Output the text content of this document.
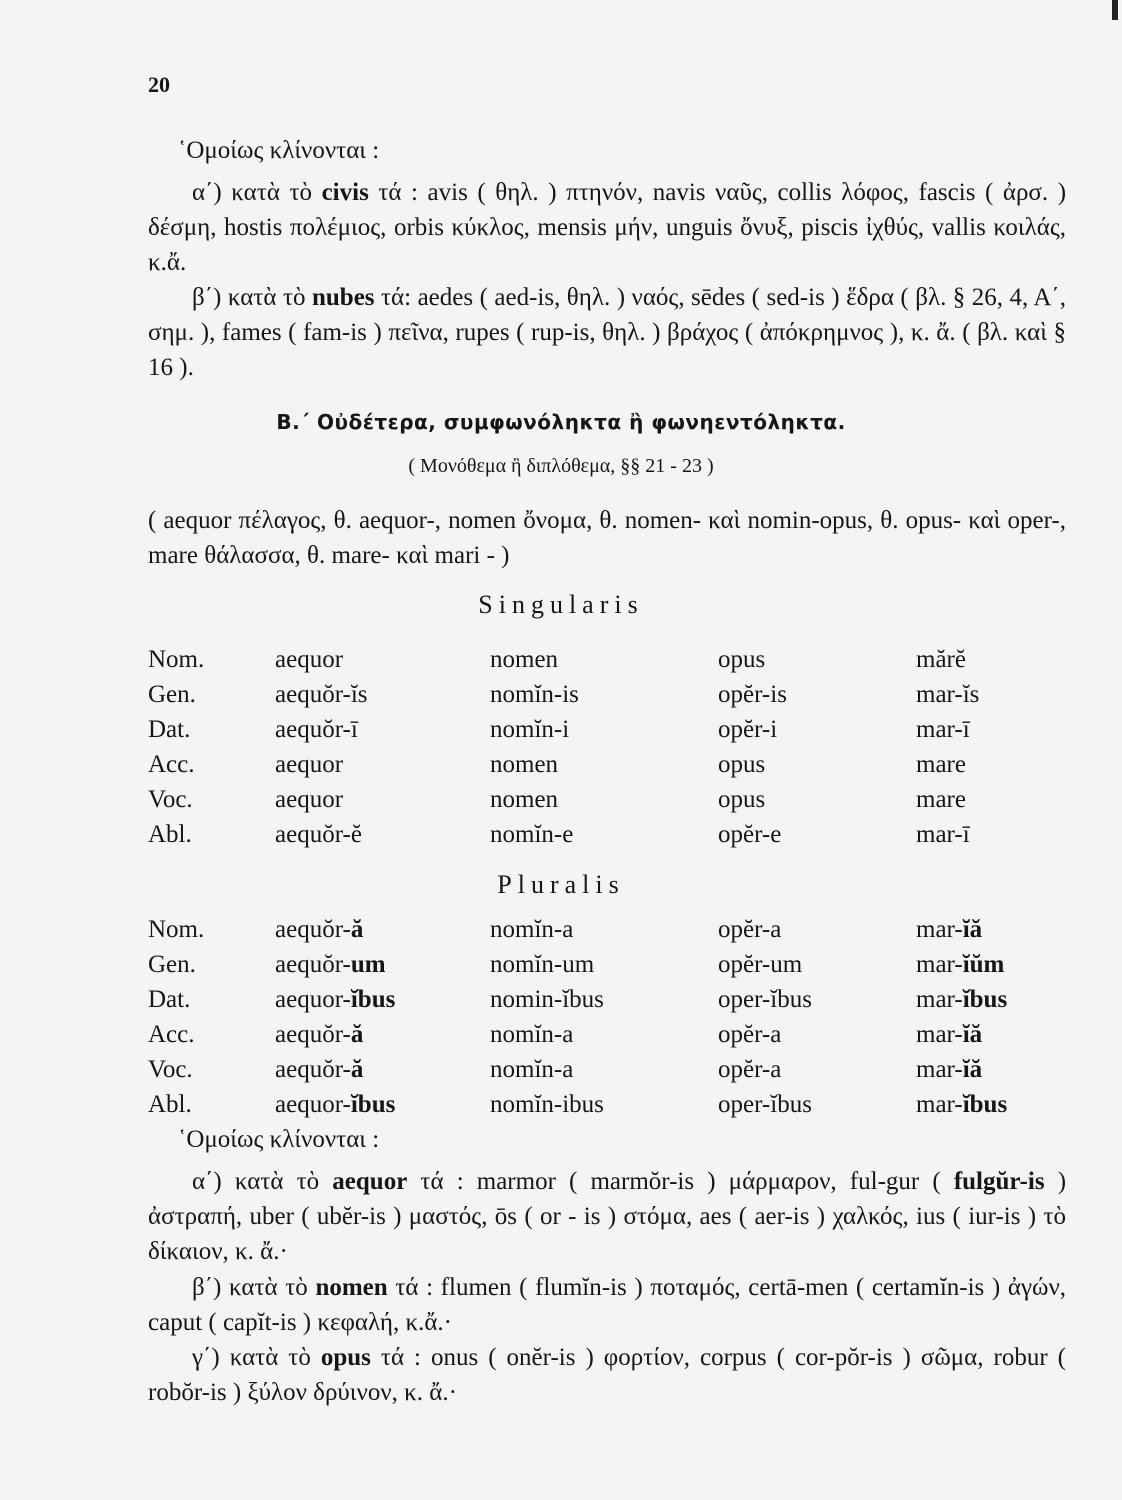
20
῾Ομοίως κλίνονται :
α΄) κατὰ τὸ civis τά : avis ( θηλ. ) πτηνόν, navis ναῦς, collis λόφος, fascis ( ἀρσ. ) δέσμη, hostis πολέμιος, orbis κύκλος, mensis μήν, unguis ὄνυξ, piscis ἰχθύς, vallis κοιλάς, κ.ἄ.
β΄) κατὰ τὸ nubes τά: aedes ( aed-is, θηλ. ) ναός, sēdes ( sed-is ) ἕδρα ( βλ. § 26, 4, Α΄, σημ. ), fames ( fam-is ) πεῖνα, rupes ( rup-is, θηλ. ) βράχος ( ἀπόκρημνος ), κ. ἄ. ( βλ. καὶ § 16 ).
Β.΄ Οὐδέτερα, συμφωνόληκτα ἢ φωνηεντόληκτα.
( Μονόθεμα ἢ διπλόθεμα, §§ 21 - 23 )
( aequor πέλαγος, θ. aequor-, nomen ὄνομα, θ. nomen- καὶ nomin-opus, θ. opus- καὶ oper-, mare θάλασσα, θ. mare- καὶ mari - )
Singularis
Nom.	aequor	nomen	opus	mărĕ
Gen.	aequŏr-ĭs	nomĭn-is	opĕr-is	mar-ĭs
Dat.	aequŏr-ī	nomĭn-i	opĕr-i	mar-ī
Acc.	aequor	nomen	opus	mare
Voc.	aequor	nomen	opus	mare
Abl.	aequŏr-ĕ	nomĭn-e	opĕr-e	mar-ī
Pluralis
Nom.	aequŏr-ă	nomĭn-a	opĕr-a	mar-ĭă
Gen.	aequŏr-um	nomĭn-um	opĕr-um	mar-ĭŭm
Dat.	aequor-ĭbus	nomin-ĭbus	oper-ĭbus	mar-ĭbus
Acc.	aequŏr-ă	nomĭn-a	opĕr-a	mar-ĭă
Voc.	aequŏr-ă	nomĭn-a	opĕr-a	mar-ĭă
Abl.	aequor-ĭbus	nomĭn-ibus	oper-ĭbus	mar-ĭbus
῾Ομοίως κλίνονται :
α΄) κατὰ τὸ aequor τά : marmor ( marmŏr-is ) μάρμαρον, ful-gur ( fulgŭr-is ) ἀστραπή, uber ( ubĕr-is ) μαστός, ōs ( or - is ) στόμα, aes ( aer-is ) χαλκός, ius ( iur-is ) τὸ δίκαιον, κ. ἄ.·
β΄) κατὰ τὸ nomen τά : flumen ( flumĭn-is ) ποταμός, certā-men ( certamĭn-is ) ἀγών, caput ( capĭt-is ) κεφαλή, κ.ἄ.·
γ΄) κατὰ τὸ opus τά : onus ( onĕr-is ) φορτίον, corpus ( cor-pŏr-is ) σῶμα, robur ( robŏr-is ) ξύλον δρύινον, κ. ἄ.·
